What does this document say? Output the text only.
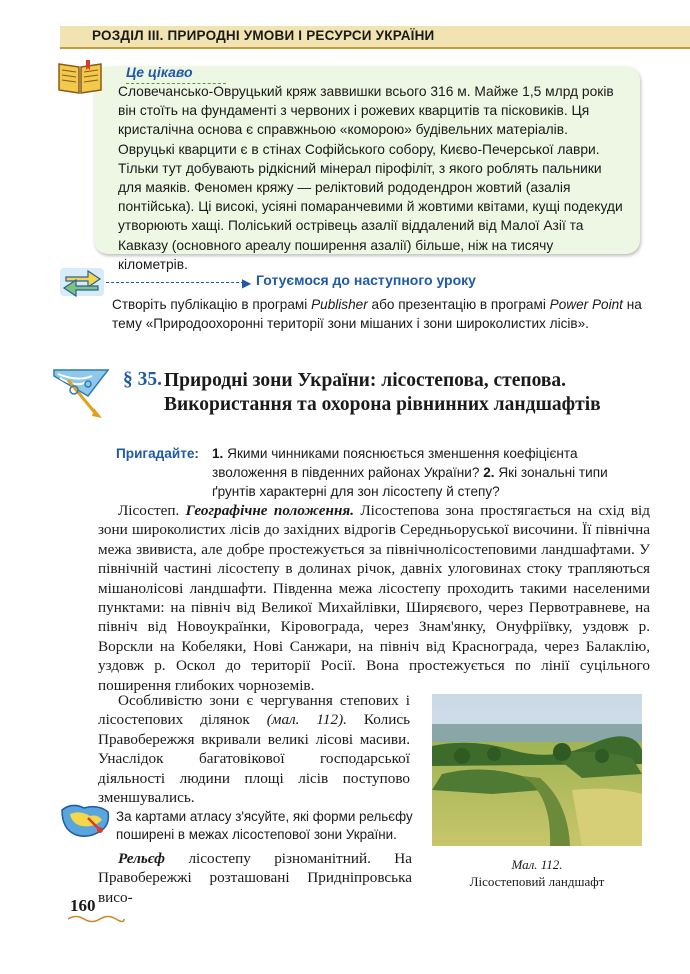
РОЗДІЛ ІІІ. ПРИРОДНІ УМОВИ І РЕСУРСИ УКРАЇНИ
Це цікаво
Словечансько-Овруцький кряж заввишки всього 316 м. Майже 1,5 млрд років він стоїть на фундаменті з червоних і рожевих кварцитів та пісковиків. Ця кристалічна основа є справжньою «коморою» будівельних матеріалів. Овруцькі кварцити є в стінах Софійського собору, Києво-Печерської лаври. Тільки тут добувають рідкісний мінерал пірофіліт, з якого роблять пальники для маяків. Феномен кряжу — реліктовий рододендрон жовтий (азалія понтійська). Ці високі, усіяні помаранчевими й жовтими квітами, кущі подекуди утворюють хащі. Поліський острівець азалії віддалений від Малої Азії та Кавказу (основного ареалу поширення азалії) більше, ніж на тисячу кілометрів.
▶ Готуємося до наступного уроку
Створіть публікацію в програмі Publisher або презентацію в програмі Power Point на тему «Природоохоронні території зони мішаних і зони широколистих лісів».
§ 35. Природні зони України: лісостепова, степова. Використання та охорона рівнинних ландшафтів
Пригадайте: 1. Якими чинниками пояснюється зменшення коефіцієнта зволоження в південних районах України? 2. Які зональні типи ґрунтів характерні для зон лісостепу й степу?
Лісостеп. Географічне положення. Лісостепова зона простягається на схід від зони широколистих лісів до західних відрогів Середньоруської височини. Її північна межа звивиста, але добре простежується за північнолісостеповими ландшафтами. У північній частині лісостепу в долинах річок, давніх улоговинах стоку трапляються мішанолісові ландшафти. Південна межа лісостепу проходить такими населеними пунктами: на північ від Великої Михайлівки, Ширяєвого, через Первотравневе, на північ від Новоукраїнки, Кіровограда, через Знам'янку, Онуфріївку, уздовж р. Ворскли на Кобеляки, Нові Санжари, на північ від Краснограда, через Балаклію, уздовж р. Оскол до території Росії. Вона простежується по лінії суцільного поширення глибоких чорноземів.
Особливістю зони є чергування степових і лісостепових ділянок (мал. 112). Колись Правобережжя вкривали великі лісові масиви. Унаслідок багатовікової господарської діяльності людини площі лісів поступово зменшувались.
Мал. 112.
Лісостеповий ландшафт
За картами атласу з'ясуйте, які форми рельєфу поширені в межах лісостепової зони України.
Рельєф лісостепу різноманітний. На Правобережжі розташовані Придніпровська висо-
160
